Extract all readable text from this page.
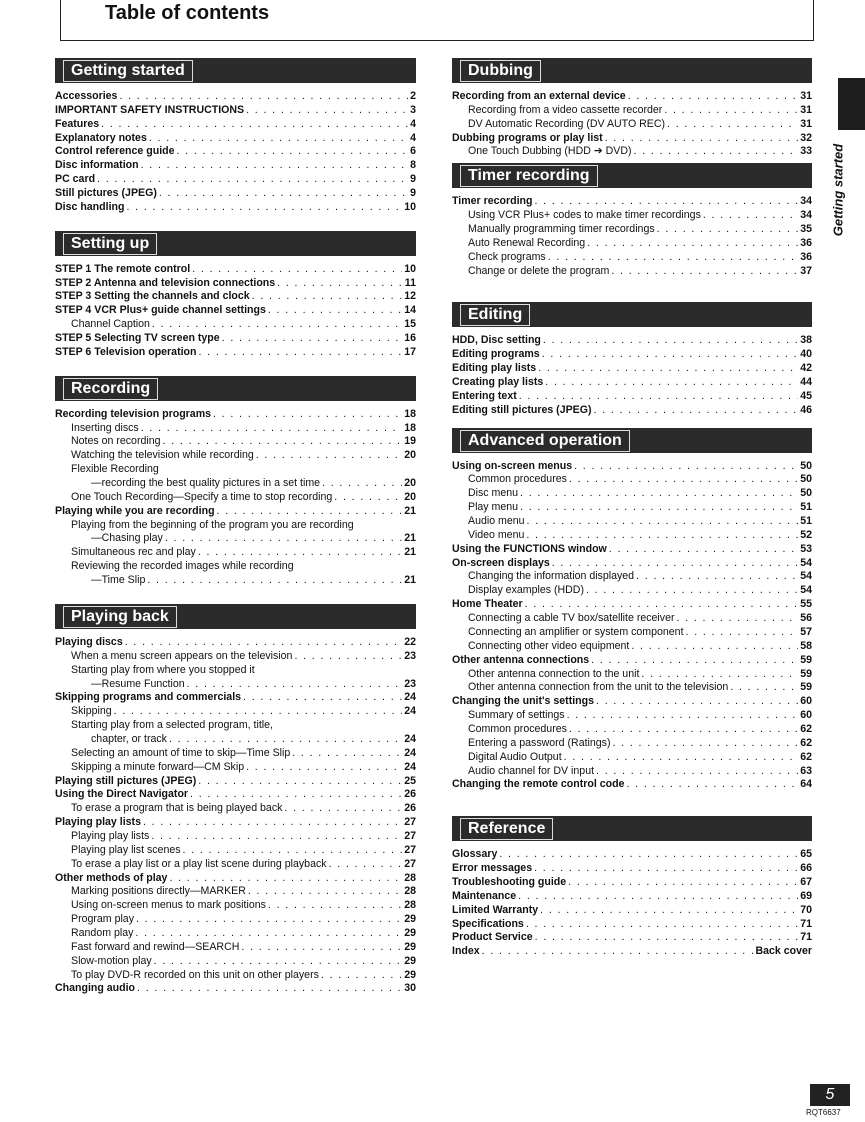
Table of contents
Getting started
Accessories . . .	2
IMPORTANT SAFETY INSTRUCTIONS . . .	3
Features . . .	4
Explanatory notes . . .	4
Control reference guide . . .	6
Disc information . . .	8
PC card . . .	9
Still pictures (JPEG) . . .	9
Disc handling . . .	10
Setting up
STEP 1 The remote control . . .	10
STEP 2 Antenna and television connections . . .	11
STEP 3 Setting the channels and clock . . .	12
STEP 4 VCR Plus+ guide channel settings . . .	14
Channel Caption . . .	15
STEP 5 Selecting TV screen type . . .	16
STEP 6 Television operation . . .	17
Recording
Recording television programs . . .	18
Inserting discs . . .	18
Notes on recording . . .	19
Watching the television while recording . . .	20
Flexible Recording
—recording the best quality pictures in a set time . . .	20
One Touch Recording—Specify a time to stop recording . . .	20
Playing while you are recording . . .	21
Playing from the beginning of the program you are recording
—Chasing play . . .	21
Simultaneous rec and play . . .	21
Reviewing the recorded images while recording
—Time Slip . . .	21
Playing back
Playing discs . . .	22
When a menu screen appears on the television . . .	23
Starting play from where you stopped it
—Resume Function . . .	23
Skipping programs and commercials . . .	24
Skipping . . .	24
Starting play from a selected program, title,
chapter, or track . . .	24
Selecting an amount of time to skip—Time Slip . . .	24
Skipping a minute forward—CM Skip . . .	24
Playing still pictures (JPEG) . . .	25
Using the Direct Navigator . . .	26
To erase a program that is being played back . . .	26
Playing play lists . . .	27
Playing play lists . . .	27
Playing play list scenes . . .	27
To erase a play list or a play list scene during playback . . .	27
Other methods of play . . .	28
Marking positions directly—MARKER . . .	28
Using on-screen menus to mark positions . . .	28
Program play . . .	29
Random play . . .	29
Fast forward and rewind—SEARCH . . .	29
Slow-motion play . . .	29
To play DVD-R recorded on this unit on other players . . .	29
Changing audio . . .	30
Dubbing
Recording from an external device . . .	31
Recording from a video cassette recorder . . .	31
DV Automatic Recording (DV AUTO REC) . . .	31
Dubbing programs or play list . . .	32
One Touch Dubbing (HDD ➔ DVD) . . .	33
Timer recording
Timer recording . . .	34
Using VCR Plus+ codes to make timer recordings . . .	34
Manually programming timer recordings . . .	35
Auto Renewal Recording . . .	36
Check programs . . .	36
Change or delete the program . . .	37
Editing
HDD, Disc setting . . .	38
Editing programs . . .	40
Editing play lists . . .	42
Creating play lists . . .	44
Entering text . . .	45
Editing still pictures (JPEG) . . .	46
Advanced operation
Using on-screen menus . . .	50
Common procedures . . .	50
Disc menu . . .	50
Play menu . . .	51
Audio menu . . .	51
Video menu . . .	52
Using the FUNCTIONS window . . .	53
On-screen displays . . .	54
Changing the information displayed . . .	54
Display examples (HDD) . . .	54
Home Theater . . .	55
Connecting a cable TV box/satellite receiver . . .	56
Connecting an amplifier or system component . . .	57
Connecting other video equipment . . .	58
Other antenna connections . . .	59
Other antenna connection to the unit . . .	59
Other antenna connection from the unit to the television . . .	59
Changing the unit's settings . . .	60
Summary of settings . . .	60
Common procedures . . .	62
Entering a password (Ratings) . . .	62
Digital Audio Output . . .	62
Audio channel for DV input . . .	63
Changing the remote control code . . .	64
Reference
Glossary . . .	65
Error messages . . .	66
Troubleshooting guide . . .	67
Maintenance . . .	69
Limited Warranty . . .	70
Specifications . . .	71
Product Service . . .	71
Index . . .	Back cover
Getting started
5
RQT6637
